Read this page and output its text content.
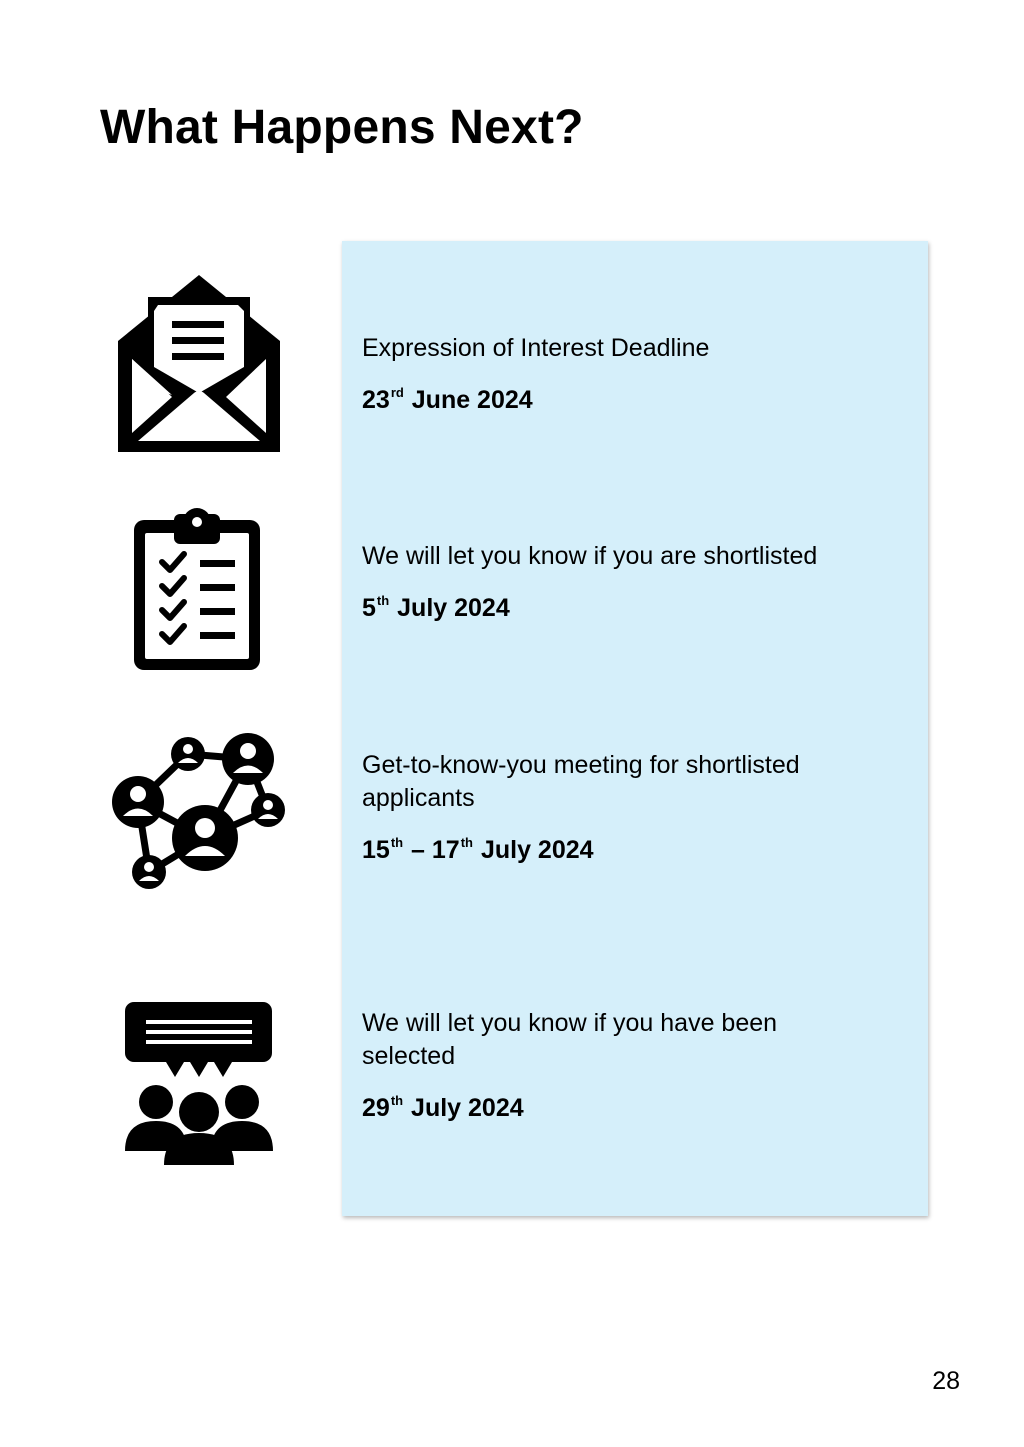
What Happens Next?

Expression of Interest Deadline

23rd June 2024

We will let you know if you are shortlisted

5th July 2024

Get-to-know-you meeting for shortlisted applicants

15th – 17th July 2024

We will let you know if you have been selected

29th July 2024

28
